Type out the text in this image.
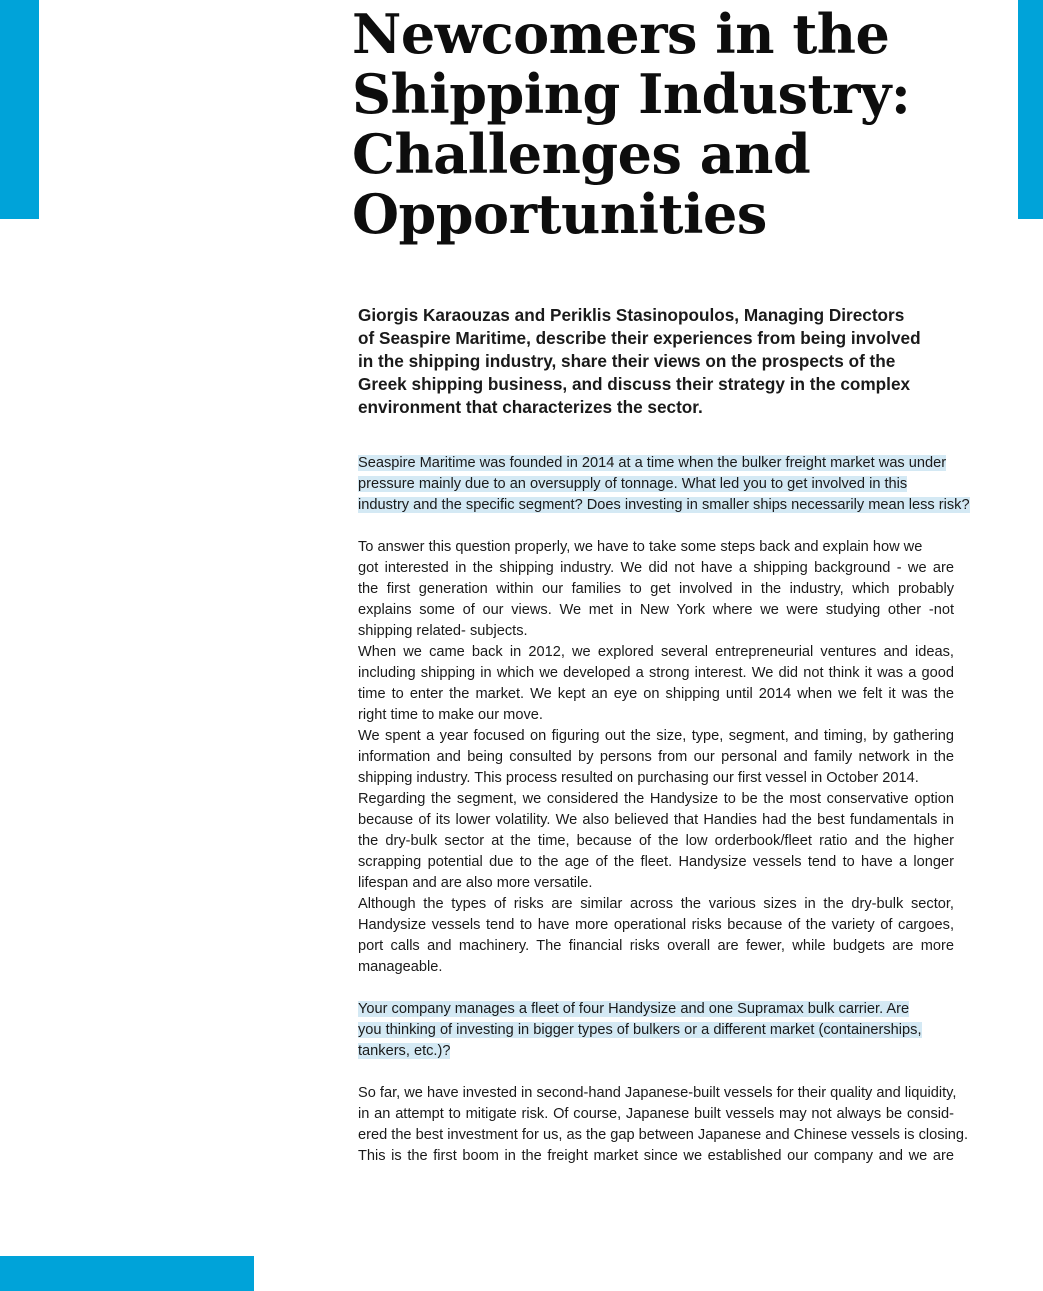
Newcomers in the
Shipping Industry:
Challenges and
Opportunities

Giorgis Karaouzas and Periklis Stasinopoulos, Managing Directors
of Seaspire Maritime, describe their experiences from being involved
in the shipping industry, share their views on the prospects of the
Greek shipping business, and discuss their strategy in the complex
environment that characterizes the sector.

Seaspire Maritime was founded in 2014 at a time when the bulker freight market was under
pressure mainly due to an oversupply of tonnage. What led you to get involved in this
industry and the specific segment? Does investing in smaller ships necessarily mean less risk?
To answer this question properly, we have to take some steps back and explain how we
got interested in the shipping industry. We did not have a shipping background - we are
the first generation within our families to get involved in the industry, which probably
explains some of our views. We met in New York where we were studying other -not
shipping related- subjects.
When we came back in 2012, we explored several entrepreneurial ventures and ideas,
including shipping in which we developed a strong interest. We did not think it was a good
time to enter the market. We kept an eye on shipping until 2014 when we felt it was the
right time to make our move.
We spent a year focused on figuring out the size, type, segment, and timing, by gathering
information and being consulted by persons from our personal and family network in the
shipping industry. This process resulted on purchasing our first vessel in October 2014.
Regarding the segment, we considered the Handysize to be the most conservative option
because of its lower volatility. We also believed that Handies had the best fundamentals in
the dry-bulk sector at the time, because of the low orderbook/fleet ratio and the higher
scrapping potential due to the age of the fleet. Handysize vessels tend to have a longer
lifespan and are also more versatile.
Although the types of risks are similar across the various sizes in the dry-bulk sector,
Handysize vessels tend to have more operational risks because of the variety of cargoes,
port calls and machinery. The financial risks overall are fewer, while budgets are more
manageable.
Your company manages a fleet of four Handysize and one Supramax bulk carrier. Are
you thinking of investing in bigger types of bulkers or a different market (containerships,
tankers, etc.)?
So far, we have invested in second-hand Japanese-built vessels for their quality and liquidity,
in an attempt to mitigate risk. Of course, Japanese built vessels may not always be consid-
ered the best investment for us, as the gap between Japanese and Chinese vessels is closing.
This is the first boom in the freight market since we established our company and we are
